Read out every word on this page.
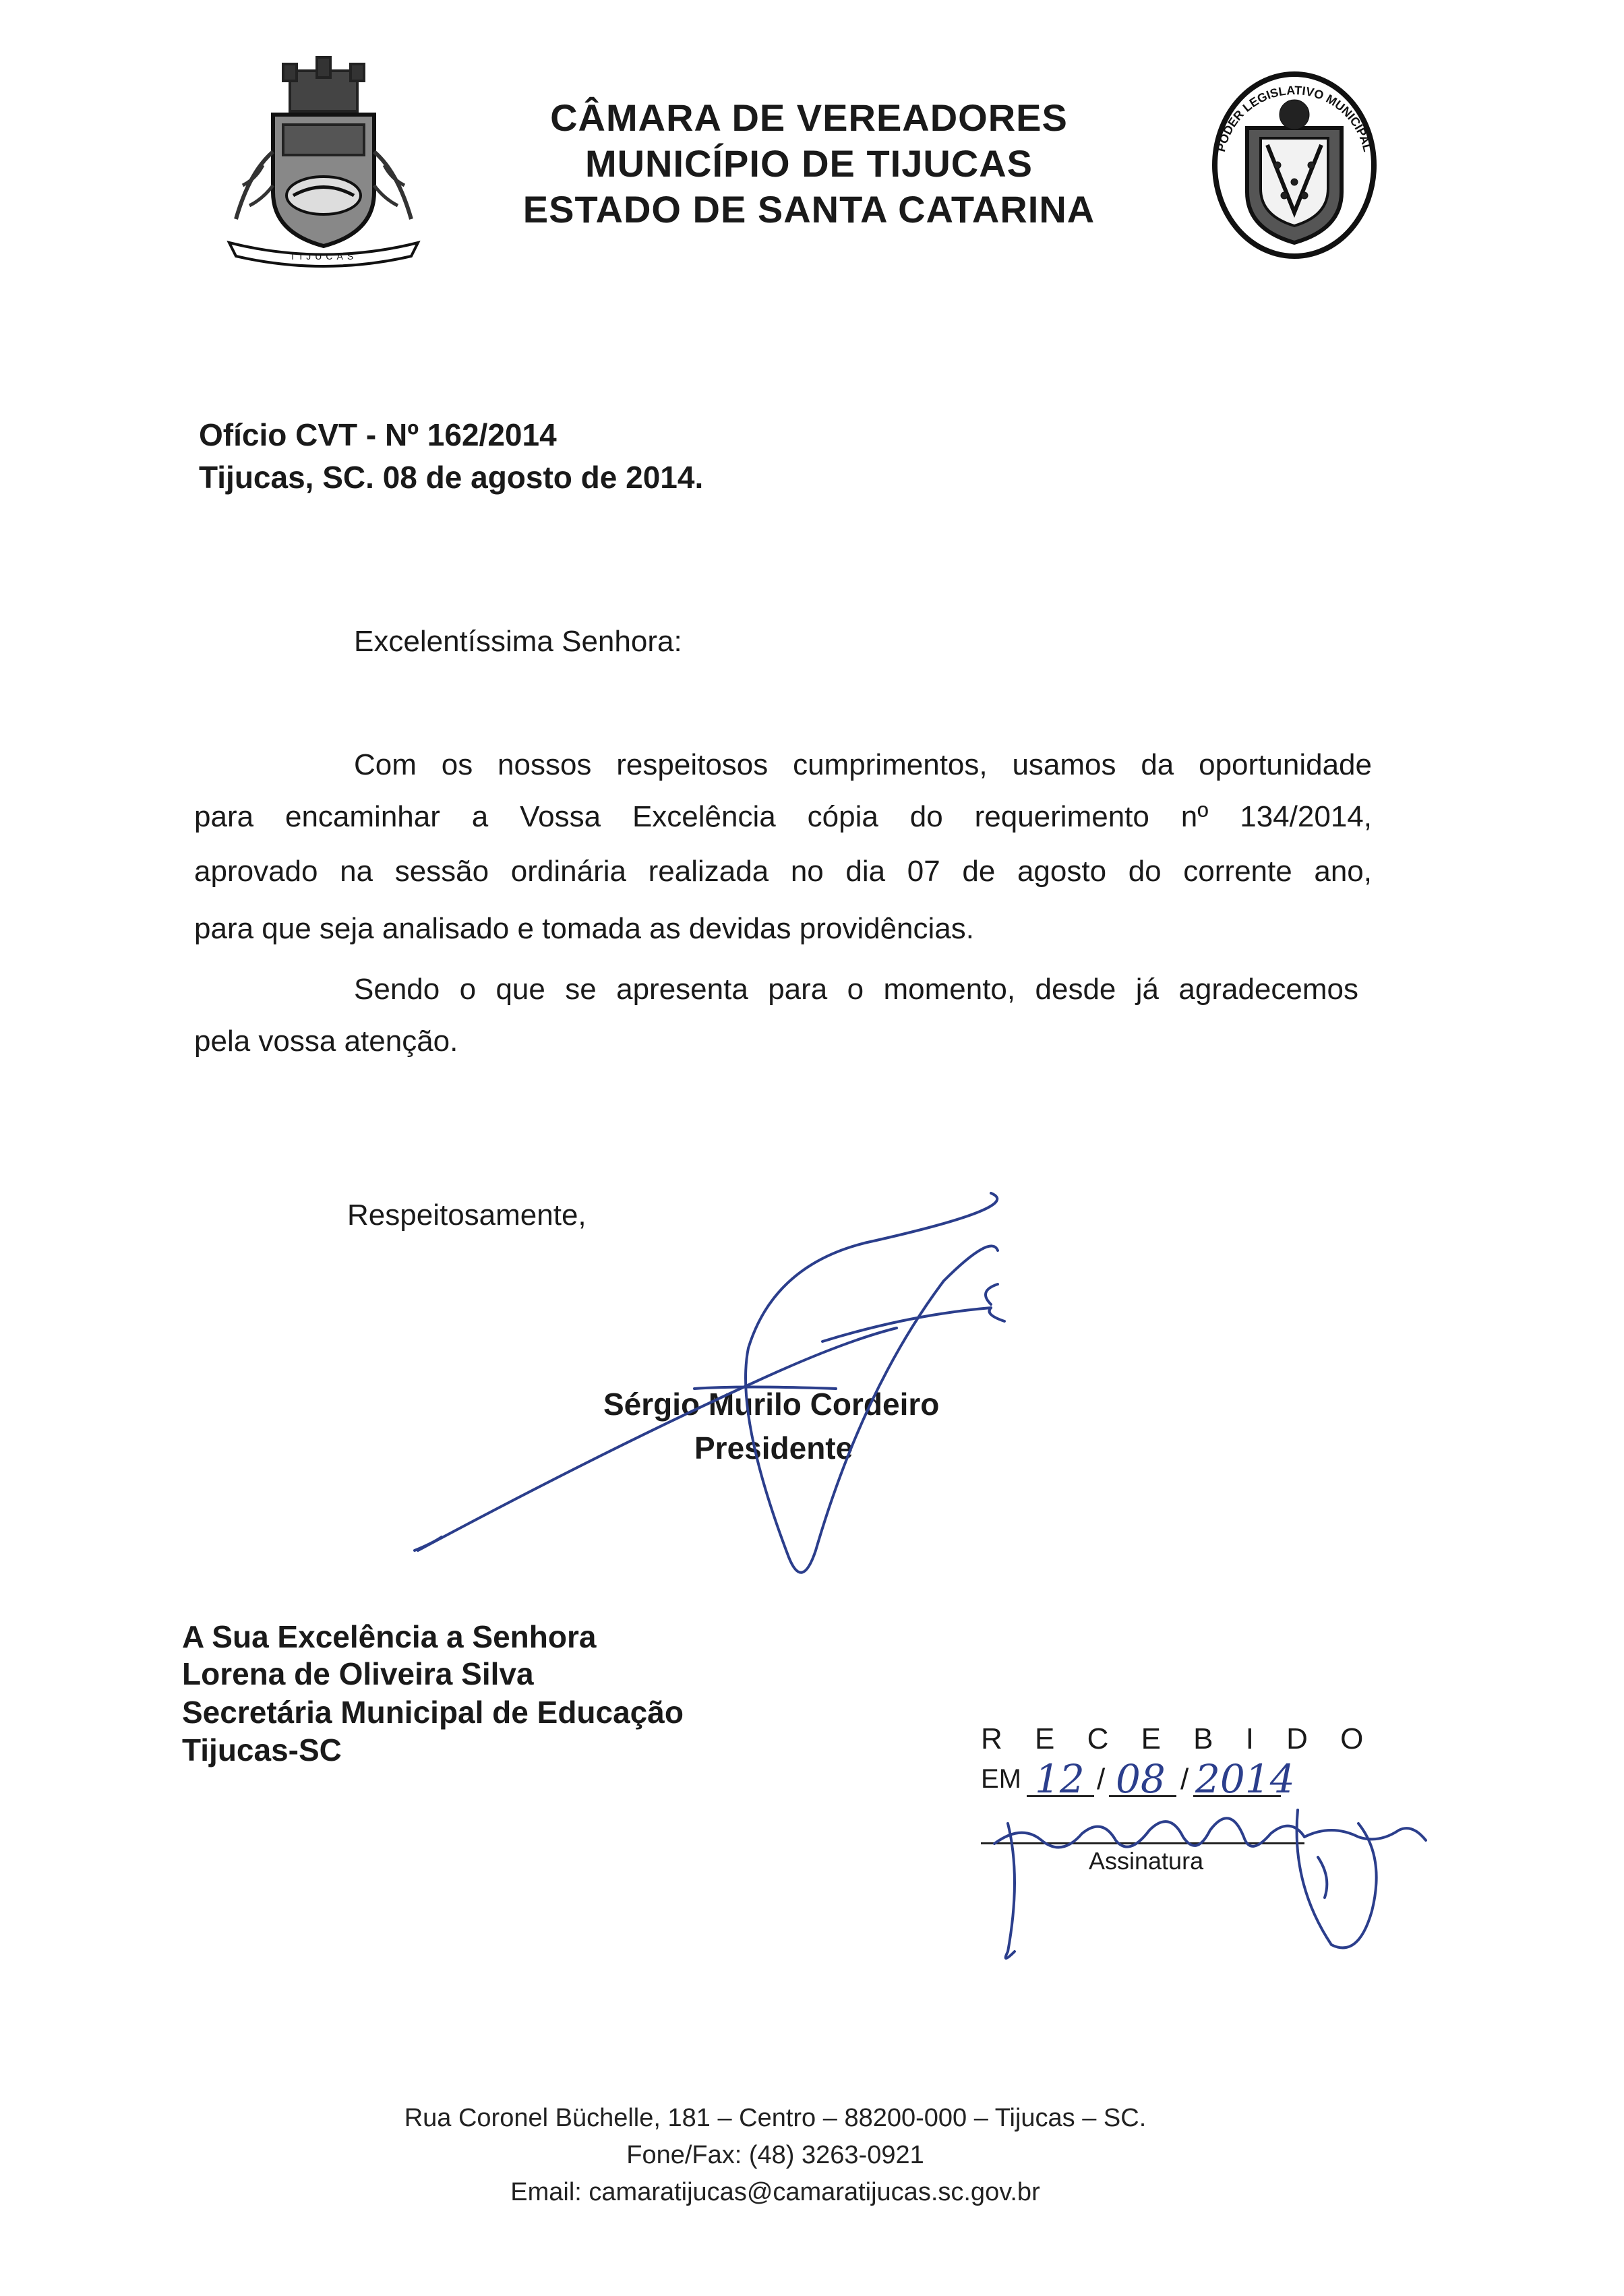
TIJUCAS
CÂMARA DE VEREADORES
MUNICÍPIO DE TIJUCAS
ESTADO DE SANTA CATARINA
PODER LEGISLATIVO MUNICIPAL
Ofício CVT - Nº 162/2014
Tijucas, SC. 08 de agosto de 2014.
Excelentíssima Senhora:
Com os nossos respeitosos cumprimentos, usamos da oportunidade
para encaminhar a Vossa Excelência cópia do requerimento nº 134/2014,
aprovado na sessão ordinária realizada no dia 07 de agosto do corrente ano,
para que seja analisado e tomada as devidas providências.
Sendo o que se apresenta para o momento, desde já agradecemos
pela vossa atenção.
Respeitosamente,
Sérgio Murilo Cordeiro
Presidente
A Sua Excelência a Senhora
Lorena de Oliveira Silva
Secretária Municipal de Educação
Tijucas-SC	R E C E B I D O
EM	/	/
12 08 2014
Assinatura
Rua Coronel Büchelle, 181 – Centro – 88200-000 – Tijucas – SC.
Fone/Fax: (48) 3263-0921
Email: camaratijucas@camaratijucas.sc.gov.br
